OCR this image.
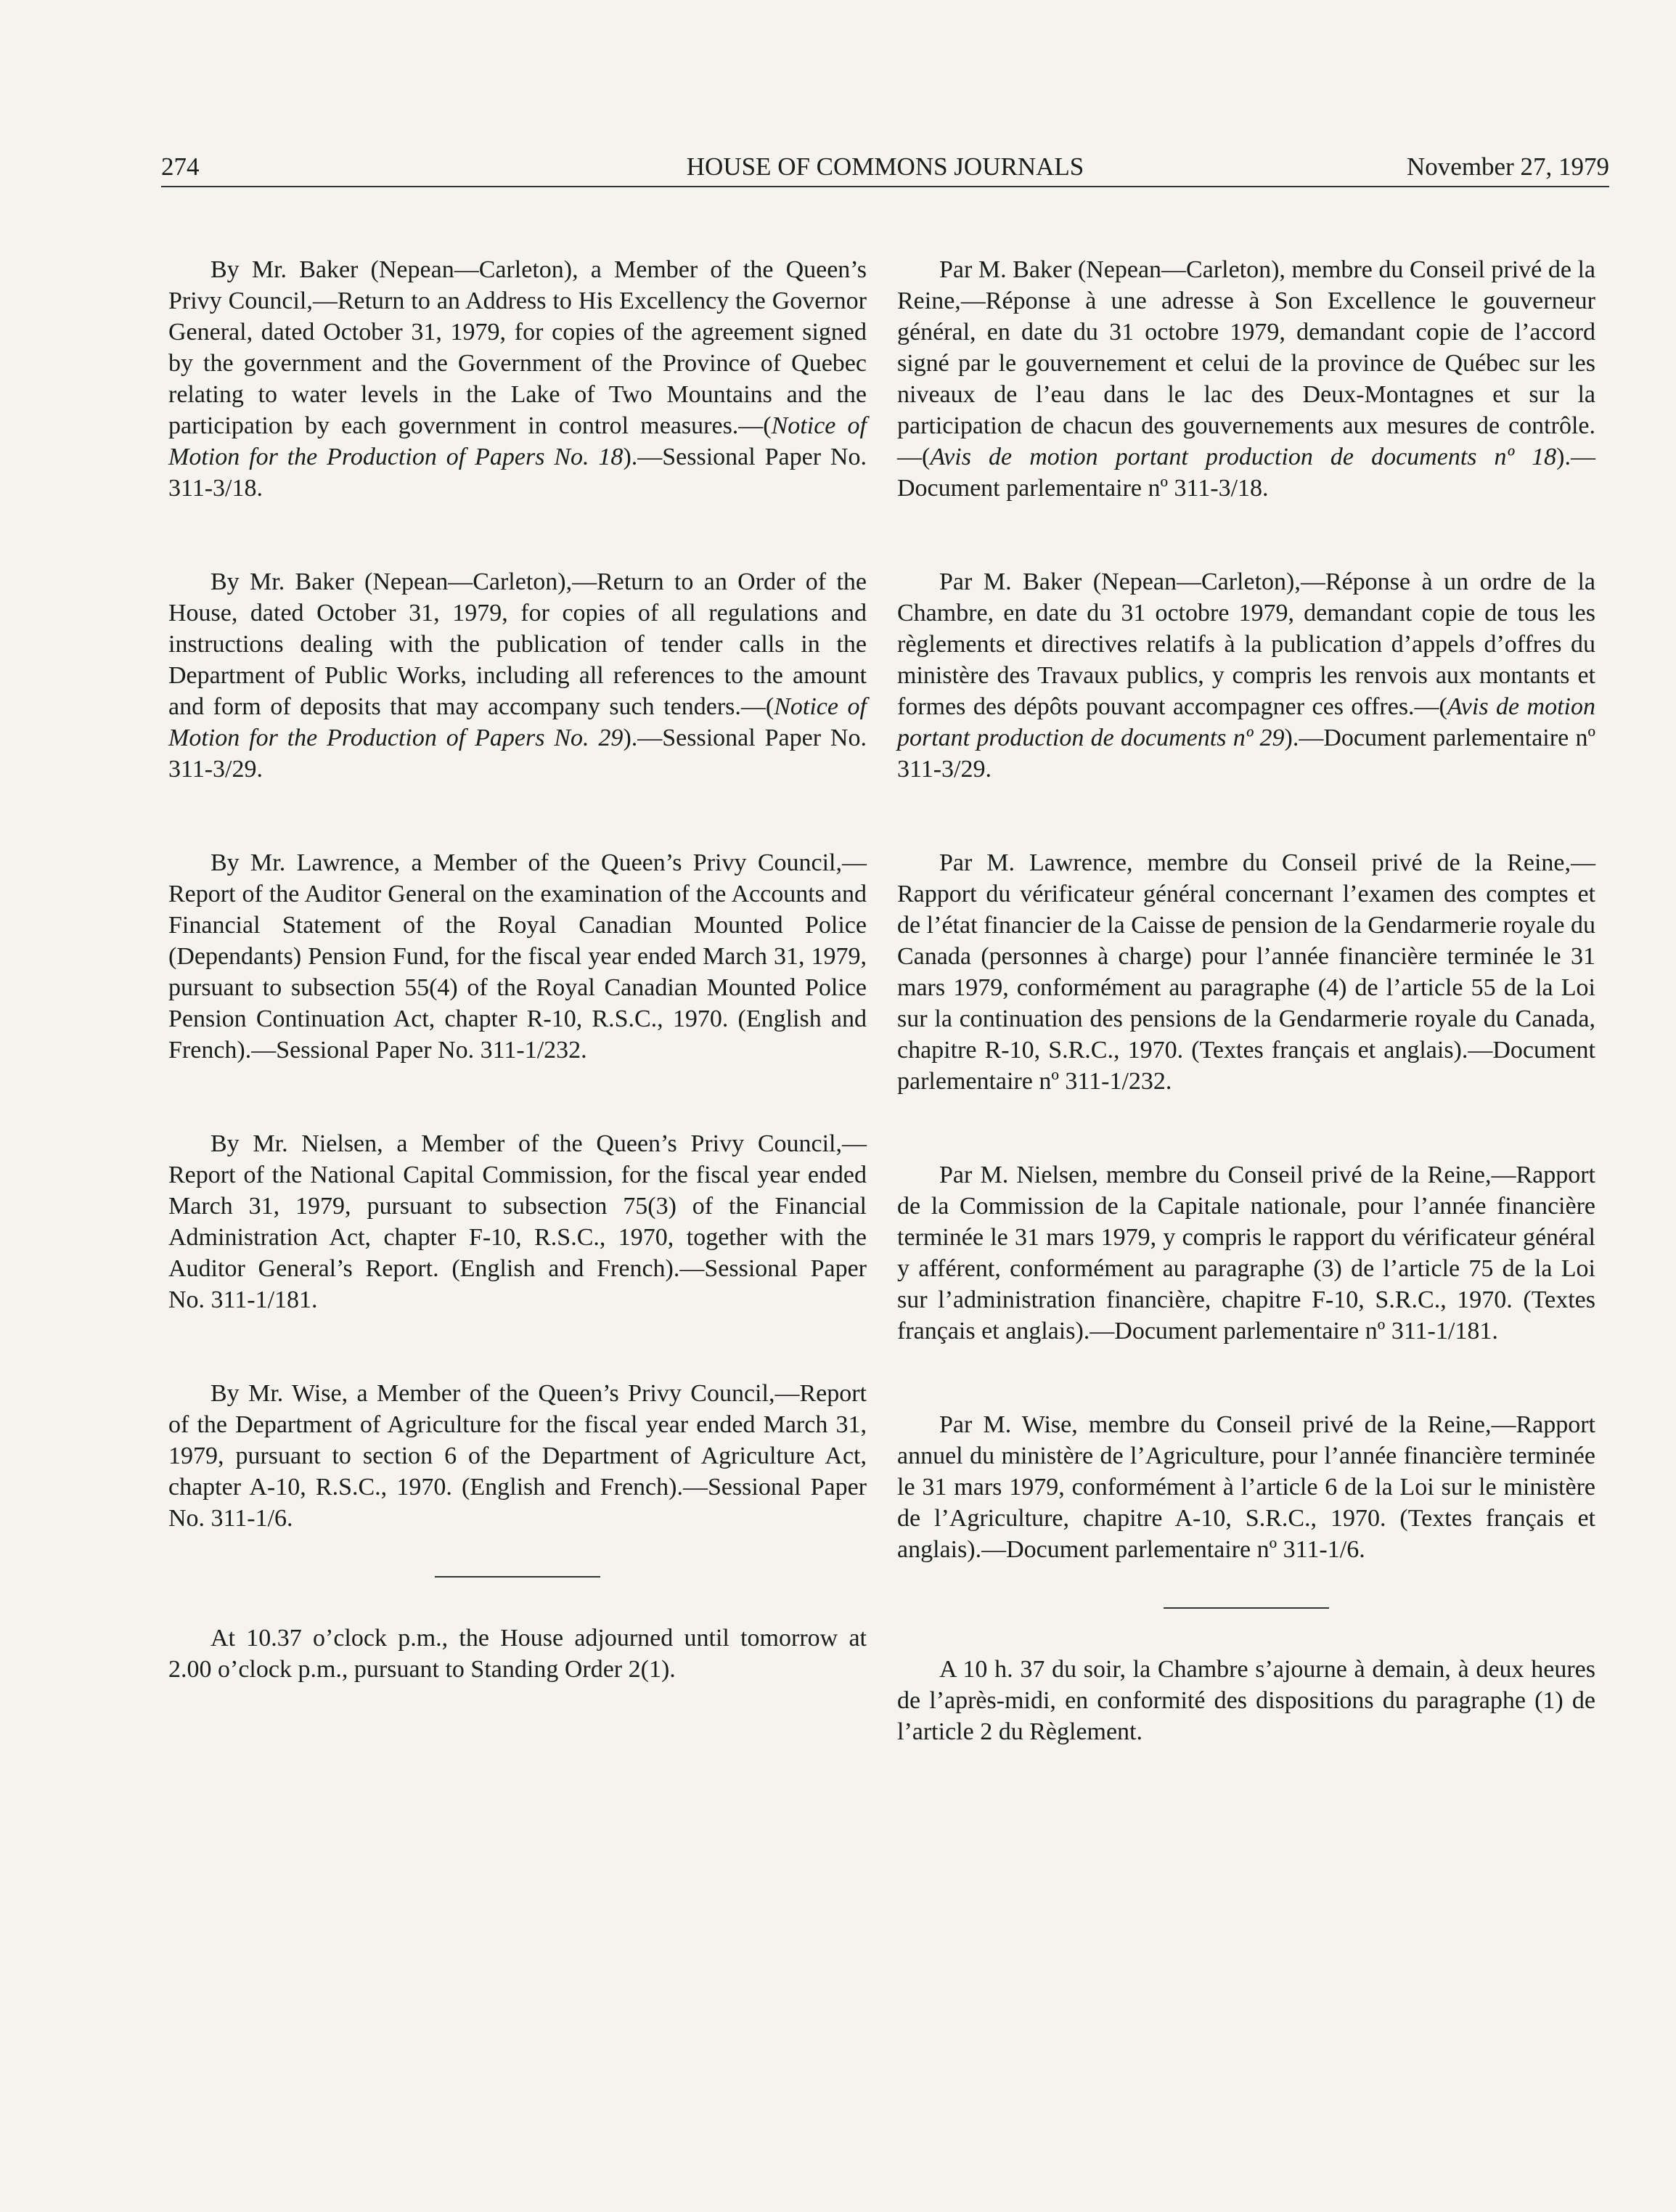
274	HOUSE OF COMMONS JOURNALS	November 27, 1979

By Mr. Baker (Nepean—Carleton), a Member of the Queen’s Privy Council,—Return to an Address to His Excellency the Governor General, dated October 31, 1979, for copies of the agreement signed by the government and the Government of the Province of Quebec relating to water levels in the Lake of Two Mountains and the participation by each government in control measures.—(Notice of Motion for the Production of Papers No. 18).—Sessional Paper No. 311-3/18.

By Mr. Baker (Nepean—Carleton),—Return to an Order of the House, dated October 31, 1979, for copies of all regulations and instructions dealing with the publication of tender calls in the Department of Public Works, including all references to the amount and form of deposits that may accompany such tenders.—(Notice of Motion for the Production of Papers No. 29).—Sessional Paper No. 311-3/29.

By Mr. Lawrence, a Member of the Queen’s Privy Council,—Report of the Auditor General on the examination of the Accounts and Financial Statement of the Royal Canadian Mounted Police (Dependants) Pension Fund, for the fiscal year ended March 31, 1979, pursuant to subsection 55(4) of the Royal Canadian Mounted Police Pension Continuation Act, chapter R-10, R.S.C., 1970. (English and French).—Sessional Paper No. 311-1/232.

By Mr. Nielsen, a Member of the Queen’s Privy Council,—Report of the National Capital Commission, for the fiscal year ended March 31, 1979, pursuant to subsection 75(3) of the Financial Administration Act, chapter F-10, R.S.C., 1970, together with the Auditor General’s Report. (English and French).—Sessional Paper No. 311-1/181.

By Mr. Wise, a Member of the Queen’s Privy Council,—Report of the Department of Agriculture for the fiscal year ended March 31, 1979, pursuant to section 6 of the Department of Agriculture Act, chapter A-10, R.S.C., 1970. (English and French).—Sessional Paper No. 311-1/6.

At 10.37 o’clock p.m., the House adjourned until tomorrow at 2.00 o’clock p.m., pursuant to Standing Order 2(1).

Par M. Baker (Nepean—Carleton), membre du Conseil privé de la Reine,—Réponse à une adresse à Son Excellence le gouverneur général, en date du 31 octobre 1979, demandant copie de l’accord signé par le gouvernement et celui de la province de Québec sur les niveaux de l’eau dans le lac des Deux-Montagnes et sur la participation de chacun des gouvernements aux mesures de contrôle.—(Avis de motion portant production de documents nº 18).—Document parlementaire nº 311-3/18.

Par M. Baker (Nepean—Carleton),—Réponse à un ordre de la Chambre, en date du 31 octobre 1979, demandant copie de tous les règlements et directives relatifs à la publication d’appels d’offres du ministère des Travaux publics, y compris les renvois aux montants et formes des dépôts pouvant accompagner ces offres.—(Avis de motion portant production de documents nº 29).—Document parlementaire nº 311-3/29.

Par M. Lawrence, membre du Conseil privé de la Reine,—Rapport du vérificateur général concernant l’examen des comptes et de l’état financier de la Caisse de pension de la Gendarmerie royale du Canada (personnes à charge) pour l’année financière terminée le 31 mars 1979, conformément au paragraphe (4) de l’article 55 de la Loi sur la continuation des pensions de la Gendarmerie royale du Canada, chapitre R-10, S.R.C., 1970. (Textes français et anglais).—Document parlementaire nº 311-1/232.

Par M. Nielsen, membre du Conseil privé de la Reine,—Rapport de la Commission de la Capitale nationale, pour l’année financière terminée le 31 mars 1979, y compris le rapport du vérificateur général y afférent, conformément au paragraphe (3) de l’article 75 de la Loi sur l’administration financière, chapitre F-10, S.R.C., 1970. (Textes français et anglais).—Document parlementaire nº 311-1/181.

Par M. Wise, membre du Conseil privé de la Reine,—Rapport annuel du ministère de l’Agriculture, pour l’année financière terminée le 31 mars 1979, conformément à l’article 6 de la Loi sur le ministère de l’Agriculture, chapitre A-10, S.R.C., 1970. (Textes français et anglais).—Document parlementaire nº 311-1/6.

A 10 h. 37 du soir, la Chambre s’ajourne à demain, à deux heures de l’après-midi, en conformité des dispositions du paragraphe (1) de l’article 2 du Règlement.
